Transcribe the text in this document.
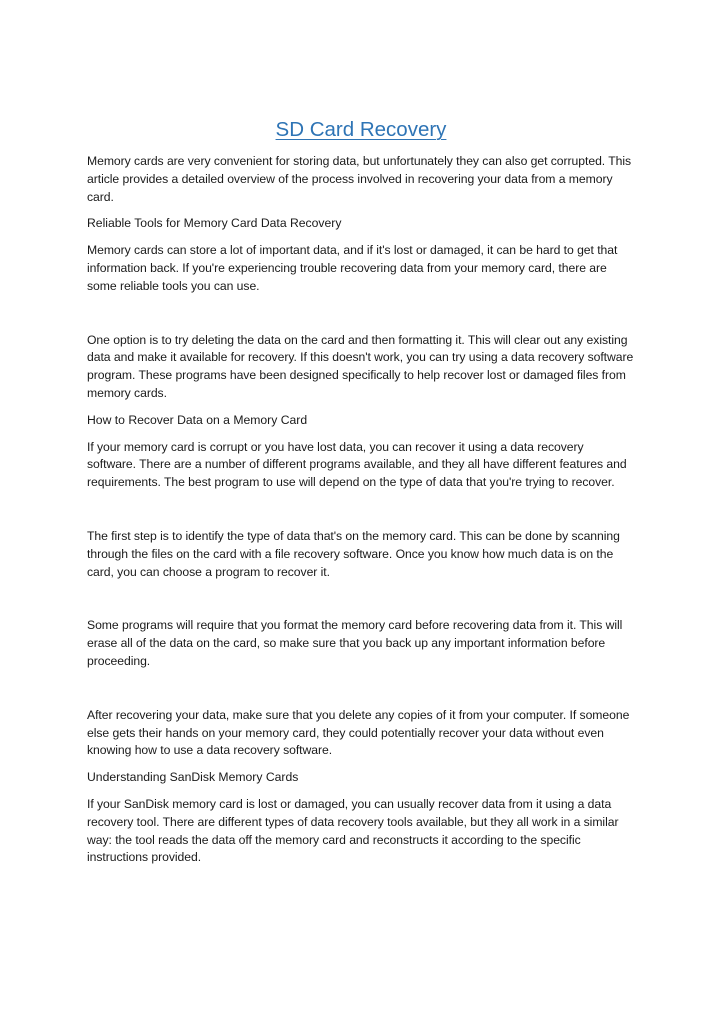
SD Card Recovery

Memory cards are very convenient for storing data, but unfortunately they can also get corrupted. This article provides a detailed overview of the process involved in recovering your data from a memory card.

Reliable Tools for Memory Card Data Recovery

Memory cards can store a lot of important data, and if it's lost or damaged, it can be hard to get that information back. If you're experiencing trouble recovering data from your memory card, there are some reliable tools you can use.

One option is to try deleting the data on the card and then formatting it. This will clear out any existing data and make it available for recovery. If this doesn't work, you can try using a data recovery software program. These programs have been designed specifically to help recover lost or damaged files from memory cards.

How to Recover Data on a Memory Card

If your memory card is corrupt or you have lost data, you can recover it using a data recovery software. There are a number of different programs available, and they all have different features and requirements. The best program to use will depend on the type of data that you're trying to recover.

The first step is to identify the type of data that's on the memory card. This can be done by scanning through the files on the card with a file recovery software. Once you know how much data is on the card, you can choose a program to recover it.

Some programs will require that you format the memory card before recovering data from it. This will erase all of the data on the card, so make sure that you back up any important information before proceeding.

After recovering your data, make sure that you delete any copies of it from your computer. If someone else gets their hands on your memory card, they could potentially recover your data without even knowing how to use a data recovery software.

Understanding SanDisk Memory Cards

If your SanDisk memory card is lost or damaged, you can usually recover data from it using a data recovery tool. There are different types of data recovery tools available, but they all work in a similar way: the tool reads the data off the memory card and reconstructs it according to the specific instructions provided.
